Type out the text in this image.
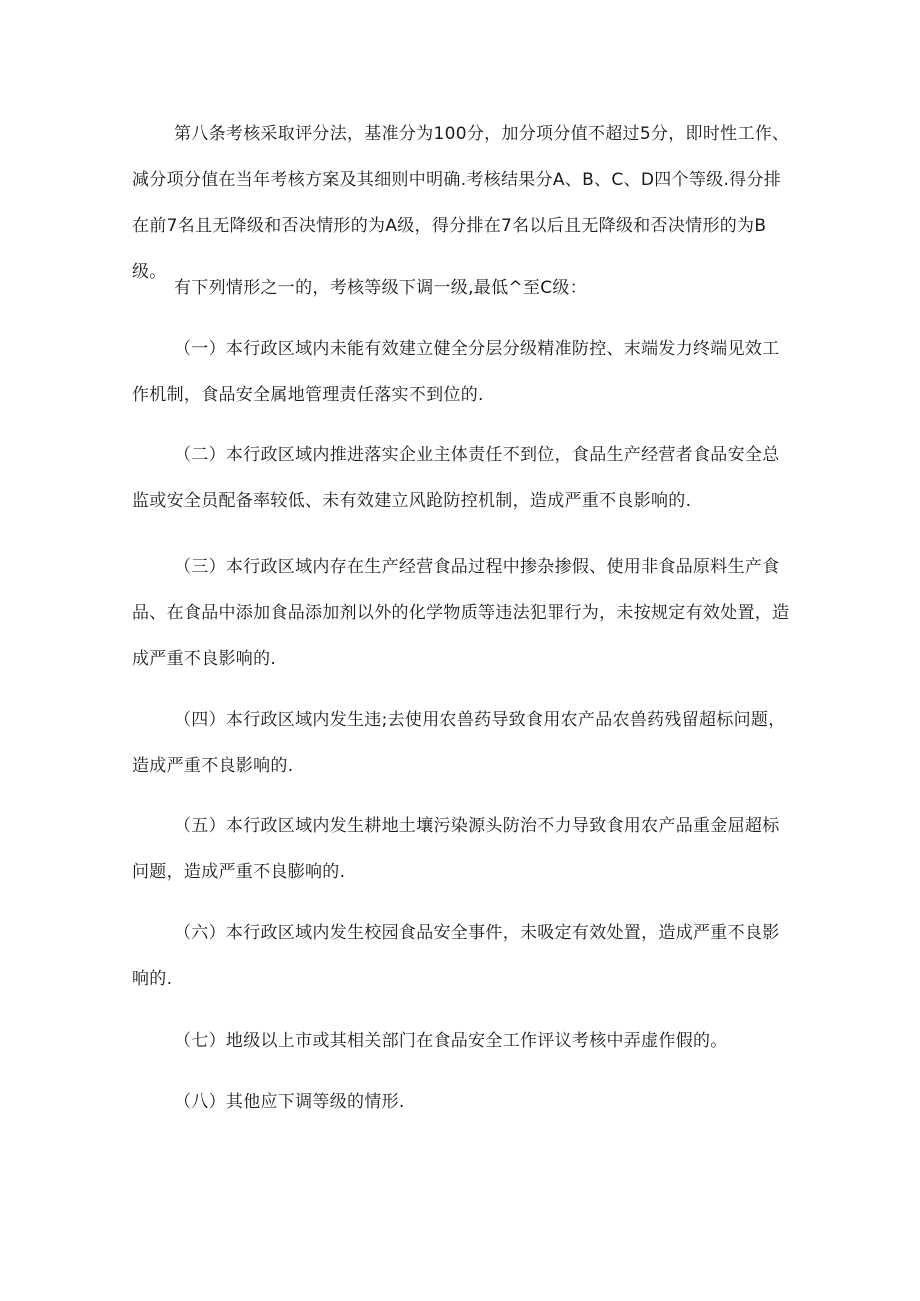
第八条考核采取评分法，基准分为100分，加分项分值不超过5分，即时性工作、减分项分值在当年考核方案及其细则中明确.考核结果分A、B、C、D四个等级.得分排在前7名且无降级和否决情形的为A级，得分排在7名以后且无降级和否决情形的为B级。

有下列情形之一的，考核等级下调一级,最低^至C级：

（一）本行政区域内未能有效建立健全分层分级精准防控、末端发力终端见效工作机制，食品安全属地管理责任落实不到位的.

（二）本行政区域内推进落实企业主体责任不到位，食品生产经营者食品安全总监或安全员配备率较低、未有效建立风跄防控机制，造成严重不良影响的.

（三）本行政区域内存在生产经营食品过程中掺杂掺假、使用非食品原料生产食品、在食品中添加食品添加剂以外的化学物质等违法犯罪行为，未按规定有效处置，造成严重不良影响的.

（四）本行政区域内发生违;去使用农兽药导致食用农产品农兽药残留超标问题，造成严重不良影响的.

（五）本行政区域内发生耕地土壤污染源头防治不力导致食用农产品重金屈超标问题，造成严重不良膨响的.

（六）本行政区域内发生校园食品安全事件，未吸定有效处置，造成严重不良影响的.

（七）地级以上市或其相关部门在食品安全工作评议考核中弄虚作假的。

（八）其他应下调等级的情形.
